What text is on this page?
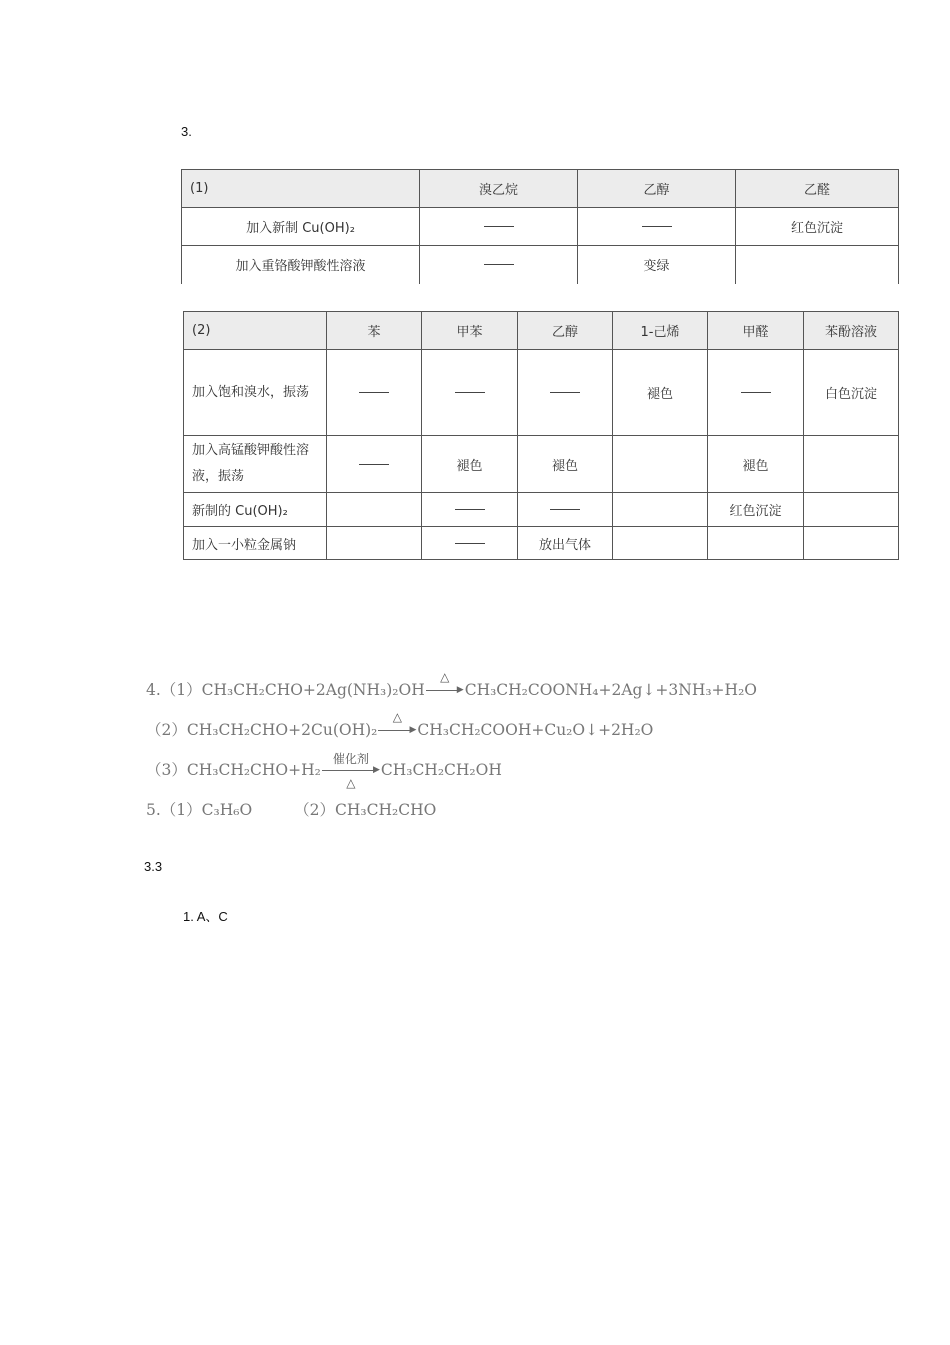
3.
(1)	溴乙烷	乙醇	乙醛
加入新制 Cu(OH)₂			红色沉淀
加入重铬酸钾酸性溶液		变绿	
(2)	苯	甲苯	乙醇	1-己烯	甲醛	苯酚溶液
加入饱和溴水，振荡				褪色		白色沉淀
加入高锰酸钾酸性溶液，振荡		褪色	褪色		褪色	
新制的 Cu(OH)₂					红色沉淀	
加入一小粒金属钠			放出气体			
4.（1）CH₃CH₂CHO+2Ag(NH₃)₂OH
△
▶ CH₃CH₂COONH₄+2Ag↓+3NH₃+H₂O
（2）CH₃CH₂CHO+2Cu(OH)₂
△
▶ CH₃CH₂COOH+Cu₂O↓+2H₂O
（3）CH₃CH₂CHO+H₂
催化剂
▶
△
CH₃CH₂CH₂OH
5.（1）C₃H₆O	（2）CH₃CH₂CHO
3.3
1. A、C
